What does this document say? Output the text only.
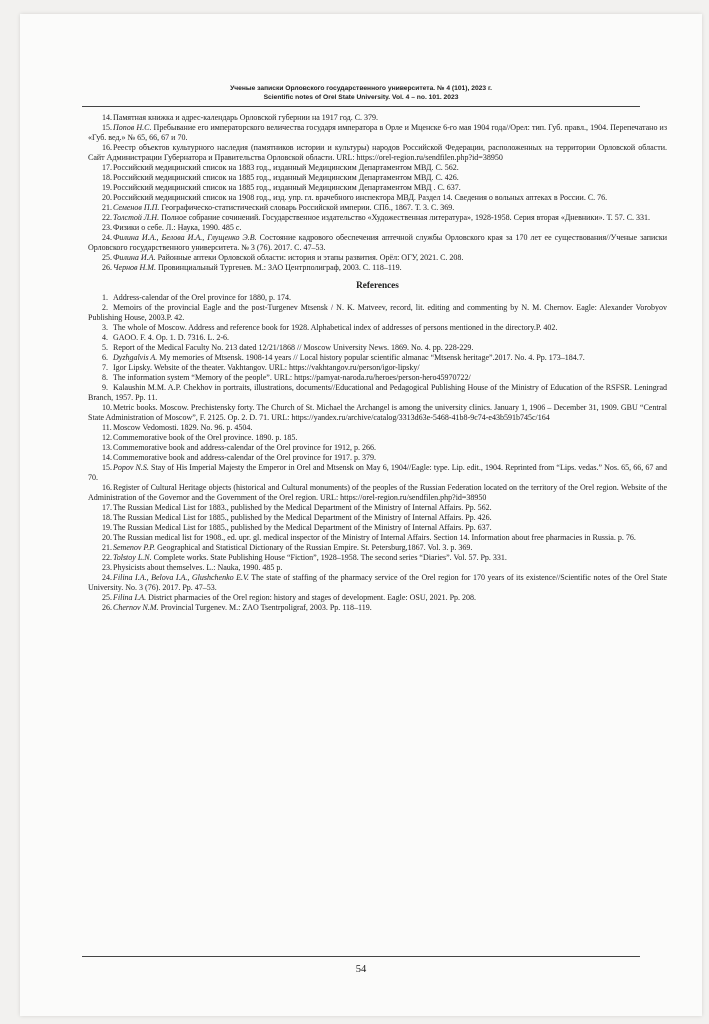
Ученые записки Орловского государственного университета. № 4 (101), 2023 г.
Scientific notes of Orel State University. Vol. 4 – no. 101. 2023

14.Памятная книжка и адрес-календарь Орловской губернии на 1917 год. С. 379.

15.Попов Н.С. Пребывание его императорского величества государя императора в Орле и Мценске 6-го мая 1904 года//Орел: тип. Губ. правл., 1904. Перепечатано из «Губ. вед.» № 65, 66, 67 и 70.

16.Реестр объектов культурного наследия (памятников истории и культуры) народов Российской Федерации, расположенных на территории Орловской области. Сайт Администрации Губернатора и Правительства Орловской области. URL: https://orel-region.ru/sendfilen.php?id=38950

17.Российский медицинский список на 1883 год., изданный Медицинским Департаментом МВД. С. 562.

18.Российский медицинский список на 1885 год., изданный Медицинским Департаментом МВД. С. 426.

19.Российский медицинский список на 1885 год., изданный Медицинским Департаментом МВД . С. 637.

20.Российский медицинский список на 1908 год., изд. упр. гл. врачебного инспектора МВД. Раздел 14. Сведения о вольных аптеках в России. С. 76.

21.Семенов П.П. Географическо-статистический словарь Российской империи. СПб., 1867. Т. 3. С. 369.

22.Толстой Л.Н. Полное собрание сочинений. Государственное издательство «Художественная литература», 1928-1958. Серия вторая «Дневники». Т. 57. С. 331.

23.Физики о себе. Л.: Наука, 1990. 485 с.

24.Филина И.А., Белова И.А., Глущенко Э.В. Состояние кадрового обеспечения аптечной службы Орловского края за 170 лет ее существования//Ученые записки Орловского государственного университета. № 3 (76). 2017. С. 47–53.

25.Филина И.А. Районные аптеки Орловской области: история и этапы развития. Орёл: ОГУ, 2021. С. 208.

26.Чернов Н.М. Провинциальный Тургенев. М.: ЗАО Центрполиграф, 2003. С. 118–119.

References

1. Address-calendar of the Orel province for 1880, p. 174.

2. Memoirs of the provincial Eagle and the post-Turgenev Mtsensk / N. K. Matveev, record, lit. editing and commenting by N. M. Chernov. Eagle: Alexander Vorobyov Publishing House, 2003.P. 42.

3. The whole of Moscow. Address and reference book for 1928. Alphabetical index of addresses of persons mentioned in the directory.P. 402.

4. GAOO. F. 4. Op. 1. D. 7316. L. 2-6.

5. Report of the Medical Faculty No. 213 dated 12/21/1868 // Moscow University News. 1869. No. 4. pp. 228-229.

6. Dyzhgalvis A. My memories of Mtsensk. 1908-14 years // Local history popular scientific almanac “Mtsensk heritage”.2017. No. 4. Pp. 173–184.7.

7. Igor Lipsky. Website of the theater. Vakhtangov. URL: https://vakhtangov.ru/person/igor-lipsky/

8. The information system “Memory of the people”. URL: https://pamyat-naroda.ru/heroes/person-hero45970722/

9. Kalaushin M.M. A.P. Chekhov in portraits, illustrations, documents//Educational and Pedagogical Publishing House of the Ministry of Education of the RSFSR. Leningrad Branch, 1957. Pp. 11.

10.Metric books. Moscow. Prechistensky forty. The Church of St. Michael the Archangel is among the university clinics. January 1, 1906 – December 31, 1909. GBU “Central State Administration of Moscow”, F. 2125. Op. 2. D. 71. URL: https://yandex.ru/archive/catalog/3313d63e-5468-41b8-9c74-e43b591b745c/164

11.Moscow Vedomosti. 1829. No. 96. p. 4504.

12.Commemorative book of the Orel province. 1890. p. 185.

13.Commemorative book and address-calendar of the Orel province for 1912, p. 266.

14.Commemorative book and address-calendar of the Orel province for 1917. p. 379.

15.Popov N.S. Stay of His Imperial Majesty the Emperor in Orel and Mtsensk on May 6, 1904//Eagle: type. Lip. edit., 1904. Reprinted from “Lips. vedas.” Nos. 65, 66, 67 and 70.

16.Register of Cultural Heritage objects (historical and Cultural monuments) of the peoples of the Russian Federation located on the territory of the Orel region. Website of the Administration of the Governor and the Government of the Orel region. URL: https://orel-region.ru/sendfilen.php?id=38950

17.The Russian Medical List for 1883., published by the Medical Department of the Ministry of Internal Affairs. Pp. 562.

18.The Russian Medical List for 1885., published by the Medical Department of the Ministry of Internal Affairs. Pp. 426.

19.The Russian Medical List for 1885., published by the Medical Department of the Ministry of Internal Affairs. Pp. 637.

20.The Russian medical list for 1908., ed. upr. gl. medical inspector of the Ministry of Internal Affairs. Section 14. Information about free pharmacies in Russia. p. 76.

21.Semenov P.P. Geographical and Statistical Dictionary of the Russian Empire. St. Petersburg,1867. Vol. 3. p. 369.

22.Tolstoy L.N. Complete works. State Publishing House “Fiction”, 1928–1958. The second series “Diaries”. Vol. 57. Pp. 331.

23.Physicists about themselves. L.: Nauka, 1990. 485 p.

24.Filina I.A., Belova I.A., Glushchenko E.V. The state of staffing of the pharmacy service of the Orel region for 170 years of its existence//Scientific notes of the Orel State University. No. 3 (76). 2017. Pp. 47–53.

25.Filina I.A. District pharmacies of the Orel region: history and stages of development. Eagle: OSU, 2021. Pp. 208.

26.Chernov N.M. Provincial Turgenev. M.: ZAO Tsentrpoligraf, 2003. Pp. 118–119.

54
